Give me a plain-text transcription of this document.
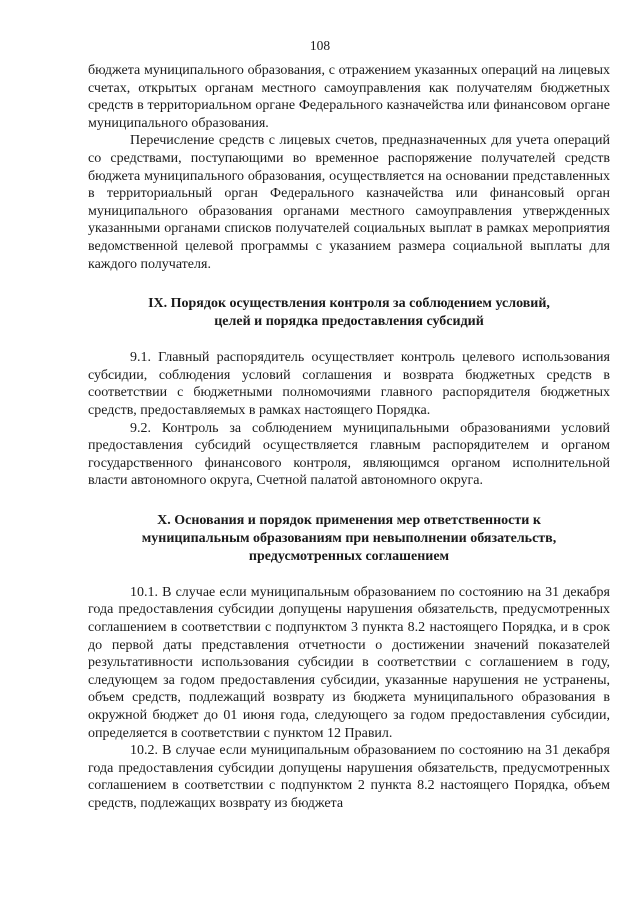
108

бюджета муниципального образования, с отражением указанных операций на лицевых счетах, открытых органам местного самоуправления как получателям бюджетных средств в территориальном органе Федерального казначейства или финансовом органе муниципального образования.

Перечисление средств с лицевых счетов, предназначенных для учета операций со средствами, поступающими во временное распоряжение получателей средств бюджета муниципального образования, осуществляется на основании представленных в территориальный орган Федерального казначейства или финансовый орган муниципального образования органами местного самоуправления утвержденных указанными органами списков получателей социальных выплат в рамках мероприятия ведомственной целевой программы с указанием размера социальной выплаты для каждого получателя.

IX. Порядок осуществления контроля за соблюдением условий,

целей и порядка предоставления субсидий

9.1. Главный распорядитель осуществляет контроль целевого использования субсидии, соблюдения условий соглашения и возврата бюджетных средств в соответствии с бюджетными полномочиями главного распорядителя бюджетных средств, предоставляемых в рамках настоящего Порядка.

9.2. Контроль за соблюдением муниципальными образованиями условий предоставления субсидий осуществляется главным распорядителем и органом государственного финансового контроля, являющимся органом исполнительной власти автономного округа, Счетной палатой автономного округа.

X. Основания и порядок применения мер ответственности к

муниципальным образованиям при невыполнении обязательств,

предусмотренных соглашением

10.1. В случае если муниципальным образованием по состоянию на 31 декабря года предоставления субсидии допущены нарушения обязательств, предусмотренных соглашением в соответствии с подпунктом 3 пункта 8.2 настоящего Порядка, и в срок до первой даты представления отчетности о достижении значений показателей результативности использования субсидии в соответствии с соглашением в году, следующем за годом предоставления субсидии, указанные нарушения не устранены, объем средств, подлежащий возврату из бюджета муниципального образования в окружной бюджет до 01 июня года, следующего за годом предоставления субсидии, определяется в соответствии с пунктом 12 Правил.

10.2. В случае если муниципальным образованием по состоянию на 31 декабря года предоставления субсидии допущены нарушения обязательств, предусмотренных соглашением в соответствии с подпунктом 2 пункта 8.2 настоящего Порядка, объем средств, подлежащих возврату из бюджета
